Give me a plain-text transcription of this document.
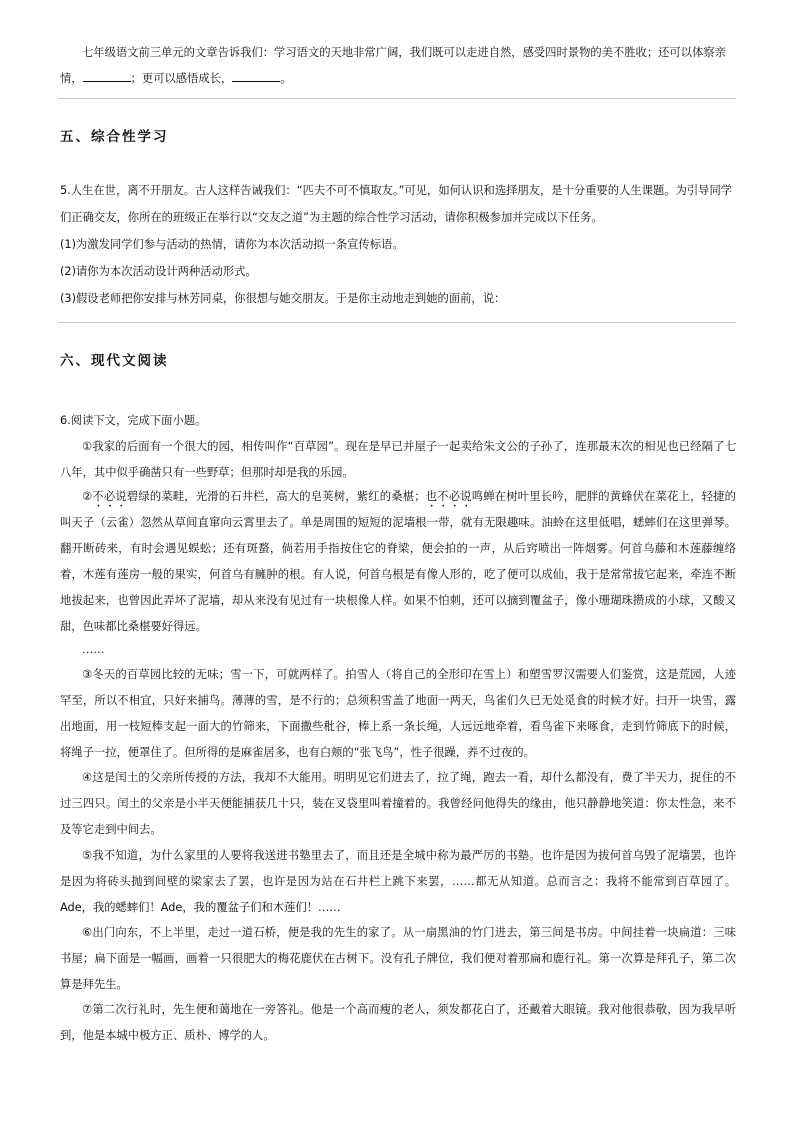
七年级语文前三单元的文章告诉我们：学习语文的天地非常广阔，我们既可以走进自然，感受四时景物的美不胜收；还可以体察亲

情，	；更可以感悟成长，	。

五、综合性学习

5.人生在世，离不开朋友。古人这样告诫我们：“匹夫不可不慎取友。”可见，如何认识和选择朋友，是十分重要的人生课题。为引导同学

们正确交友，你所在的班级正在举行以“交友之道”为主题的综合性学习活动，请你积极参加并完成以下任务。

(1)为激发同学们参与活动的热情，请你为本次活动拟一条宣传标语。

(2)请你为本次活动设计两种活动形式。

(3)假设老师把你安排与林芳同桌，你很想与她交朋友。于是你主动地走到她的面前，说：

六、现代文阅读

6.阅读下文，完成下面小题。

①我家的后面有一个很大的园，相传叫作“百草园”。现在是早已并屋子一起卖给朱文公的子孙了，连那最末次的相见也已经隔了七八年，其中似乎确凿只有一些野草；但那时却是我的乐园。

②不必说碧绿的菜畦，光滑的石井栏，高大的皂荚树，紫红的桑椹；也不必说鸣蝉在树叶里长吟，肥胖的黄蜂伏在菜花上，轻捷的叫天子（云雀）忽然从草间直窜向云霄里去了。单是周围的短短的泥墙根一带，就有无限趣味。油蛉在这里低唱，蟋蟀们在这里弹琴。翻开断砖来，有时会遇见蜈蚣；还有斑蝥，倘若用手指按住它的脊梁，便会拍的一声，从后窍喷出一阵烟雾。何首乌藤和木莲藤缠络着，木莲有莲房一般的果实，何首乌有臃肿的根。有人说，何首乌根是有像人形的，吃了便可以成仙，我于是常常拔它起来，牵连不断地拔起来，也曾因此弄坏了泥墙，却从来没有见过有一块根像人样。如果不怕刺，还可以摘到覆盆子，像小珊瑚珠攒成的小球，又酸又甜，色味都比桑椹要好得远。

……

③冬天的百草园比较的无味；雪一下，可就两样了。拍雪人（将自己的全形印在雪上）和塑雪罗汉需要人们鉴赏，这是荒园，人迹罕至，所以不相宜，只好来捕鸟。薄薄的雪，是不行的；总须积雪盖了地面一两天，鸟雀们久已无处觅食的时候才好。扫开一块雪，露出地面，用一枝短棒支起一面大的竹筛来，下面撒些秕谷，棒上系一条长绳，人远远地牵着，看鸟雀下来啄食，走到竹筛底下的时候，将绳子一拉，便罩住了。但所得的是麻雀居多，也有白颊的“张飞鸟”，性子很躁，养不过夜的。

④这是闰土的父亲所传授的方法，我却不大能用。明明见它们进去了，拉了绳，跑去一看，却什么都没有，费了半天力，捉住的不过三四只。闰土的父亲是小半天便能捕获几十只，装在叉袋里叫着撞着的。我曾经问他得失的缘由，他只静静地笑道：你太性急，来不及等它走到中间去。

⑤我不知道，为什么家里的人要将我送进书塾里去了，而且还是全城中称为最严厉的书塾。也许是因为拔何首乌毁了泥墙罢，也许是因为将砖头抛到间壁的梁家去了罢，也许是因为站在石井栏上跳下来罢，……都无从知道。总而言之：我将不能常到百草园了。Ade，我的蟋蟀们！Ade，我的覆盆子们和木莲们！……

⑥出门向东，不上半里，走过一道石桥，便是我的先生的家了。从一扇黑油的竹门进去，第三间是书房。中间挂着一块扁道：三味书屋；扁下面是一幅画，画着一只很肥大的梅花鹿伏在古树下。没有孔子牌位，我们便对着那扁和鹿行礼。第一次算是拜孔子，第二次算是拜先生。

⑦第二次行礼时，先生便和蔼地在一旁答礼。他是一个高而瘦的老人，须发都花白了，还戴着大眼镜。我对他很恭敬，因为我早听到，他是本城中极方正、质朴、博学的人。
